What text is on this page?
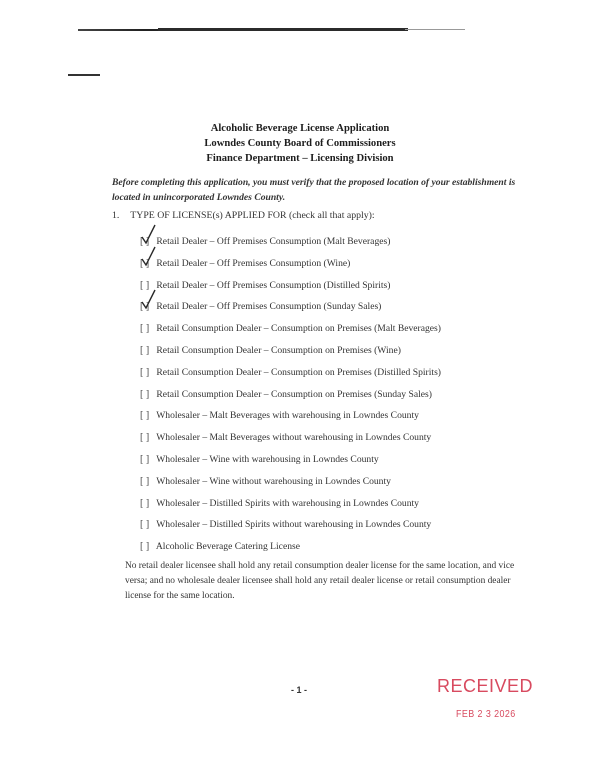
Alcoholic Beverage License Application
Lowndes County Board of Commissioners
Finance Department – Licensing Division
Before completing this application, you must verify that the proposed location of your establishment is located in unincorporated Lowndes County.
1. TYPE OF LICENSE(s) APPLIED FOR (check all that apply):
[ ] Retail Dealer – Off Premises Consumption (Malt Beverages)
[ ] Retail Dealer – Off Premises Consumption (Wine)
[ ] Retail Dealer – Off Premises Consumption (Distilled Spirits)
[ ] Retail Dealer – Off Premises Consumption (Sunday Sales)
[ ] Retail Consumption Dealer – Consumption on Premises (Malt Beverages)
[ ] Retail Consumption Dealer – Consumption on Premises (Wine)
[ ] Retail Consumption Dealer – Consumption on Premises (Distilled Spirits)
[ ] Retail Consumption Dealer – Consumption on Premises (Sunday Sales)
[ ] Wholesaler – Malt Beverages with warehousing in Lowndes County
[ ] Wholesaler – Malt Beverages without warehousing in Lowndes County
[ ] Wholesaler – Wine with warehousing in Lowndes County
[ ] Wholesaler – Wine without warehousing in Lowndes County
[ ] Wholesaler – Distilled Spirits with warehousing in Lowndes County
[ ] Wholesaler – Distilled Spirits without warehousing in Lowndes County
[ ] Alcoholic Beverage Catering License
No retail dealer licensee shall hold any retail consumption dealer license for the same location, and vice versa; and no wholesale dealer licensee shall hold any retail dealer license or retail consumption dealer license for the same location.
- 1 -	RECEIVED
FEB 2 3 2026
